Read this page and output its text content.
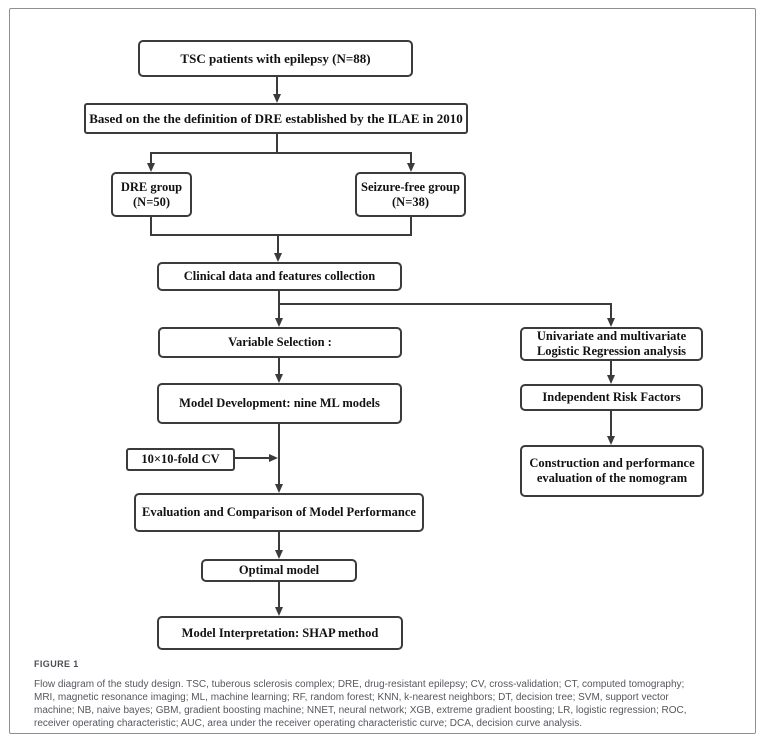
TSC patients with epilepsy (N=88)
Based on the the definition of DRE established by the ILAE in 2010
DRE group
(N=50)
Seizure-free group
(N=38)
Clinical data and features collection
Variable Selection :	Univariate and multivariate
Logistic Regression analysis
Model Development: nine ML models	Independent Risk Factors
10×10-fold CV	Construction and performance
evaluation of the nomogram
Evaluation and Comparison of Model Performance
Optimal model
Model Interpretation: SHAP method
FIGURE 1
Flow diagram of the study design. TSC, tuberous sclerosis complex; DRE, drug-resistant epilepsy; CV, cross-validation; CT, computed tomography;
MRI, magnetic resonance imaging; ML, machine learning; RF, random forest; KNN, k-nearest neighbors; DT, decision tree; SVM, support vector
machine; NB, naive bayes; GBM, gradient boosting machine; NNET, neural network; XGB, extreme gradient boosting; LR, logistic regression; ROC,
receiver operating characteristic; AUC, area under the receiver operating characteristic curve; DCA, decision curve analysis.
